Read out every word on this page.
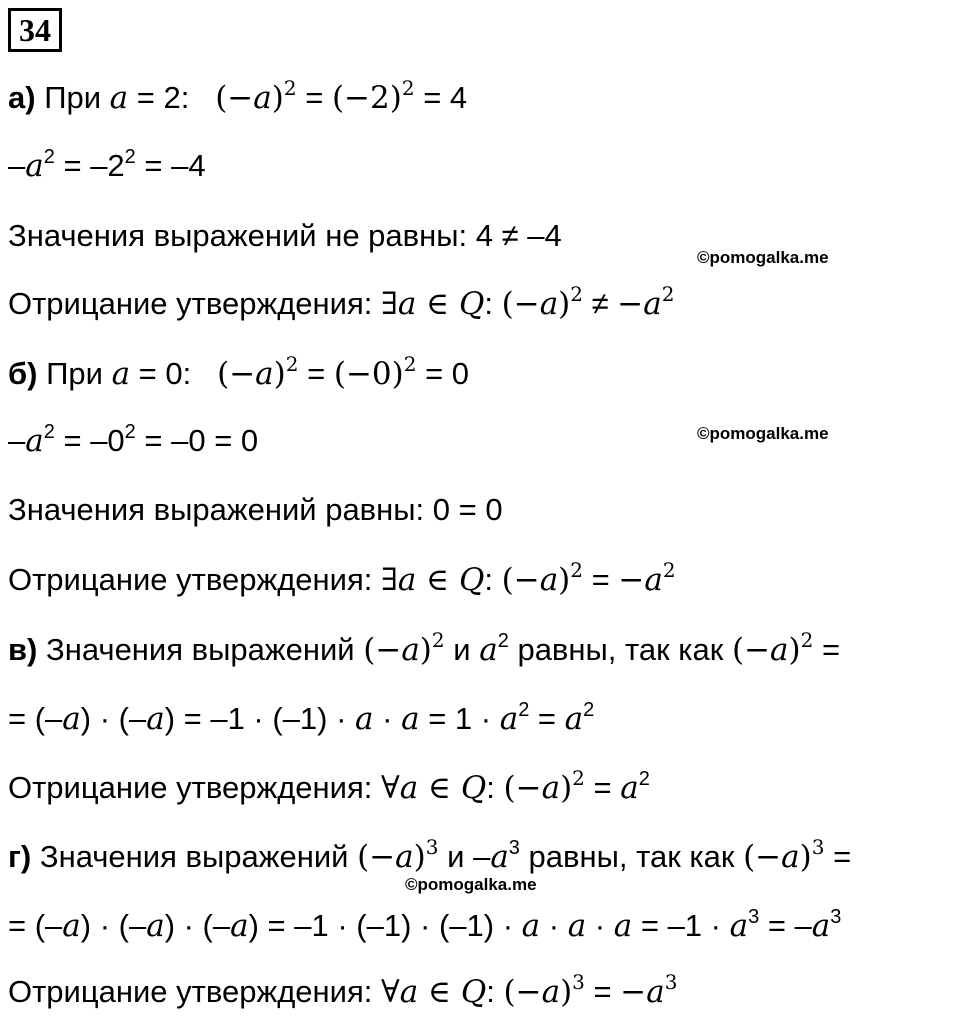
34
а) При a = 2: $(-a)^2 = (-2)^2 = 4$
$-a^2 = -2^2 = -4$
Значения выражений не равны: 4 ≠ –4
©pomogalka.me
Отрицание утверждения: ∃a ∈ Q: $(-a)^2 \ne -a^2$
б) При a = 0: $(-a)^2 = (-0)^2 = 0$
$-a^2 = -0^2 = -0 = 0$	©pomogalka.me
Значения выражений равны: 0 = 0
Отрицание утверждения: ∃a ∈ Q: $(-a)^2 = -a^2$
в) Значения выражений $(-a)^2$ и $a^2$ равны, так как $(-a)^2$ =
= $(-a) \cdot (-a) = -1 \cdot (-1) \cdot a \cdot a = 1 \cdot a^2 = a^2$
Отрицание утверждения: ∀a ∈ Q: $(-a)^2 = a^2$
г) Значения выражений $(-a)^3$ и $-a^3$ равны, так как $(-a)^3$ =
©pomogalka.me
= $(-a) \cdot (-a) \cdot (-a) = -1 \cdot (-1) \cdot (-1) \cdot a \cdot a \cdot a = -1 \cdot a^3 = -a^3$
Отрицание утверждения: ∀a ∈ Q: $(-a)^3 = -a^3$
